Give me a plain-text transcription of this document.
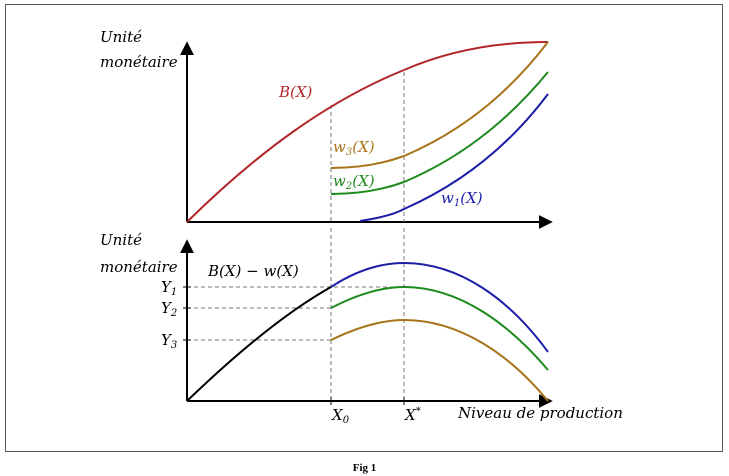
Unité
monétaire
B(X)
$w_3(X)$
$w_2(X)$
$w_1(X)$
Unité
monétaire B(X) − w(X)
$Y_1$
$Y_2$
$Y_3$
$X_0$	X* Niveau de production
Fig 1
